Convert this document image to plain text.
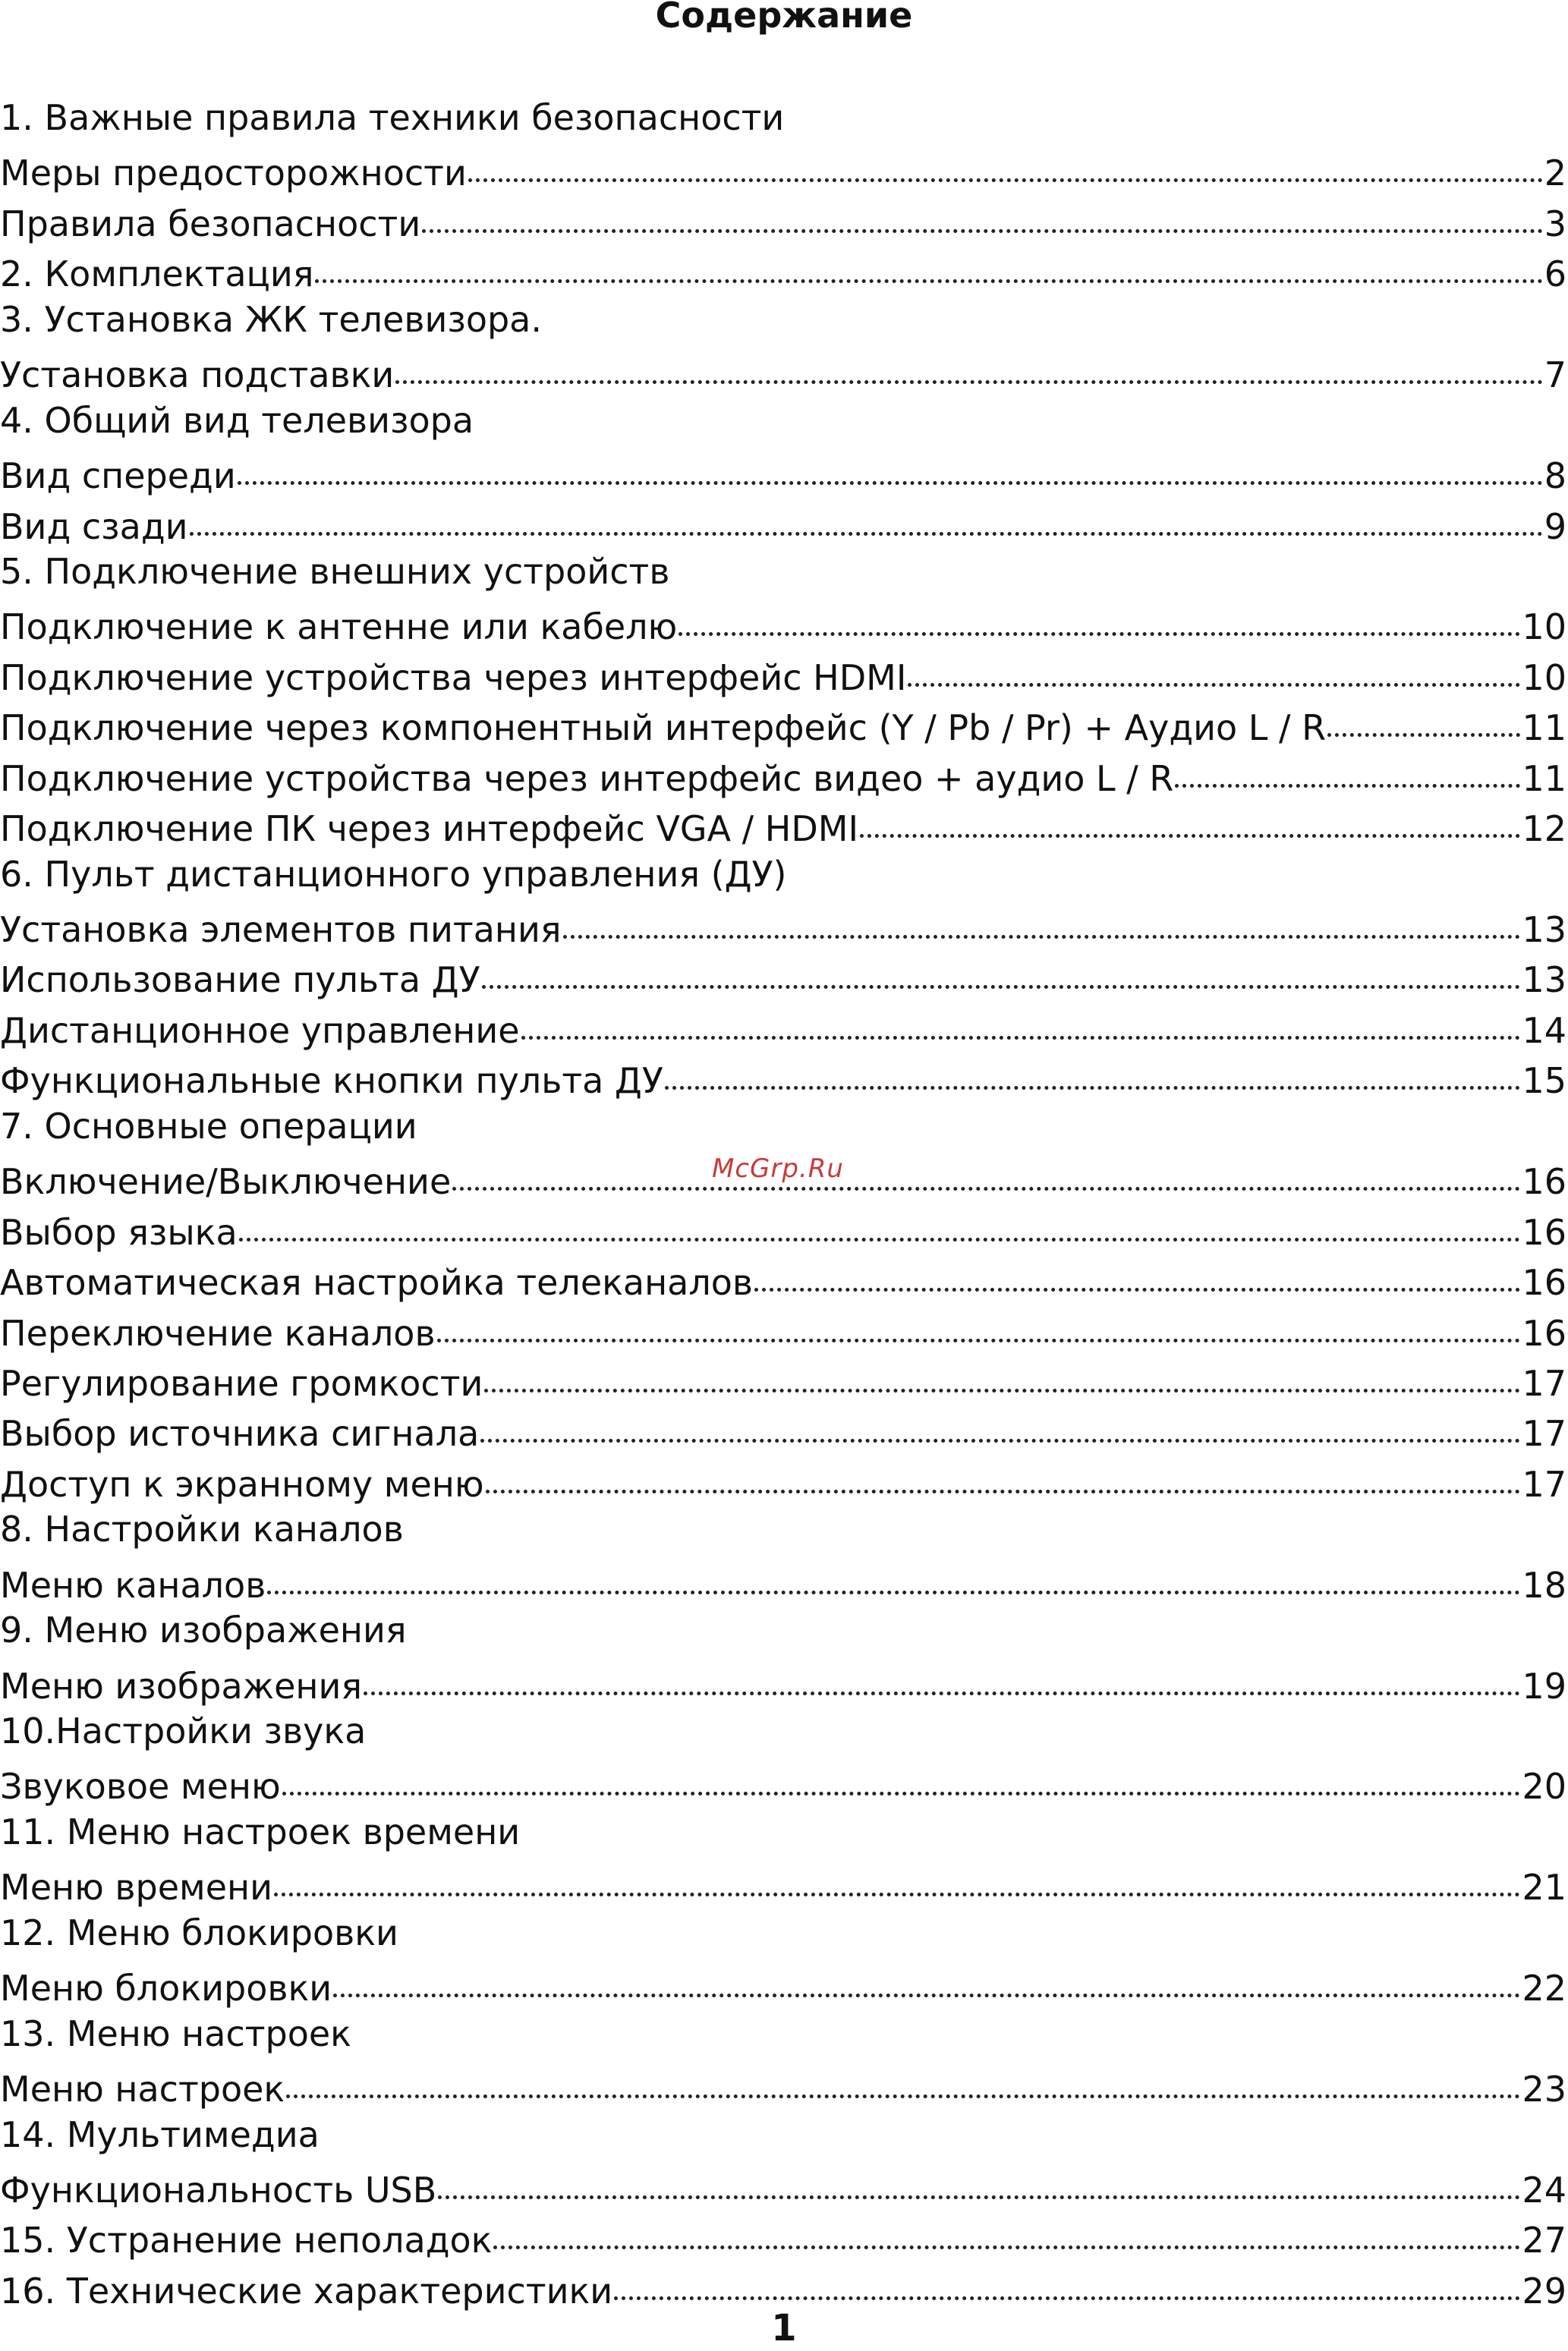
Содержание
1. Важные правила техники безопасности
Меры предосторожности	2
Правила безопасности	3
2. Комплектация	6
3. Установка ЖК телевизора.
Установка подставки	7
4. Общий вид телевизора
Вид спереди	8
Вид сзади	9
5. Подключение внешних устройств
Подключение к антенне или кабелю	10
Подключение устройства через интерфейс HDMI	10
Подключение через компонентный интерфейс (Y / Pb / Pr) + Аудио L / R	11
Подключение устройства через интерфейс видео + аудио L / R	11
Подключение ПК через интерфейс VGA / HDMI	12
6. Пульт дистанционного управления (ДУ)
Установка элементов питания	13
Использование пульта ДУ	13
Дистанционное управление	14
Функциональные кнопки пульта ДУ	15
7. Основные операции
Включение/Выключение	16
Выбор языка	16
Автоматическая настройка телеканалов	16
Переключение каналов	16
Регулирование громкости	17
Выбор источника сигнала	17
Доступ к экранному меню	17
8. Настройки каналов
Меню каналов	18
9. Меню изображения
Меню изображения	19
10.Настройки звука
Звуковое меню	20
11. Меню настроек времени
Меню времени	21
12. Меню блокировки
Меню блокировки	22
13. Меню настроек
Меню настроек	23
14. Мультимедиа
Функциональность USB	24
15. Устранение неполадок	27
16. Технические характеристики	29
McGrp.Ru
1
